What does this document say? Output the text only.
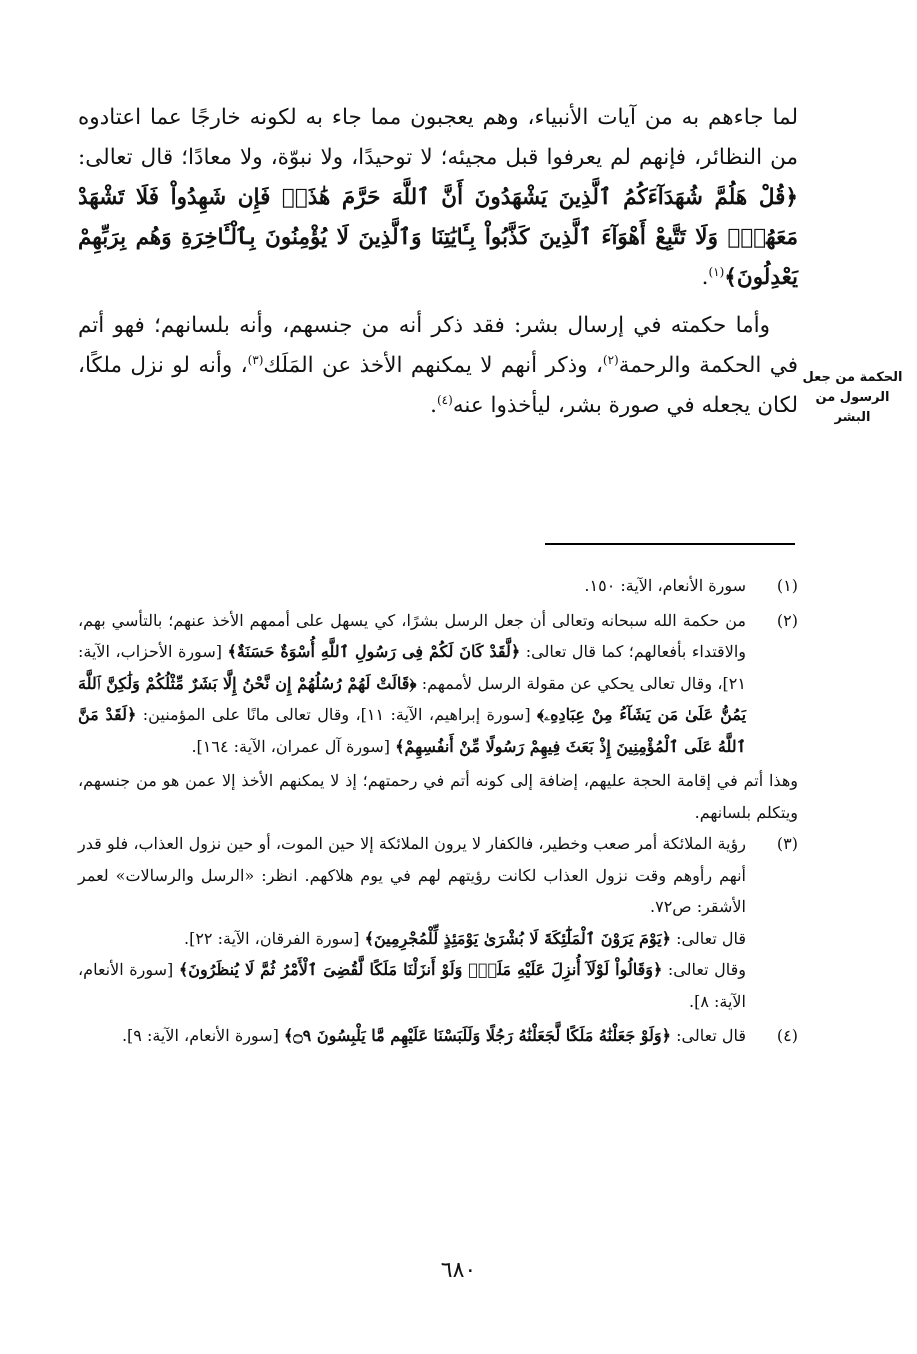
لما جاءهم به من آيات الأنبياء، وهم يعجبون مما جاء به لكونه خارجًا عما اعتادوه من النظائر، فإنهم لم يعرفوا قبل مجيئه؛ لا توحيدًا، ولا نبوّة، ولا معادًا؛ قال تعالى: ﴿قُلْ هَلُمَّ شُهَدَآءَكُمُ ٱلَّذِينَ يَشْهَدُونَ أَنَّ ٱللَّهَ حَرَّمَ هَٰذَاۖ فَإِن شَهِدُواْ فَلَا تَشْهَدْ مَعَهُمْۚ وَلَا تَتَّبِعْ أَهْوَآءَ ٱلَّذِينَ كَذَّبُواْ بِـَٔايَٰتِنَا وَٱلَّذِينَ لَا يُؤْمِنُونَ بِٱلْـَٔاخِرَةِ وَهُم بِرَبِّهِمْ يَعْدِلُونَ﴾$^{(١)}$.

وأما حكمته في إرسال بشر: فقد ذكر أنه من جنسهم، وأنه بلسانهم؛ فهو أتم في الحكمة والرحمة$^{(٢)}$، وذكر أنهم لا يمكنهم الأخذ عن المَلَك$^{(٣)}$، وأنه لو نزل ملكًا، لكان يجعله في صورة بشر، ليأخذوا عنه$^{(٤)}$.

الحكمة من جعل الرسول من البشر
(١)
سورة الأنعام، الآية: ١٥٠.
(٢)
من حكمة الله سبحانه وتعالى أن جعل الرسل بشرًا، كي يسهل على أممهم الأخذ عنهم؛ بالتأسي بهم، والاقتداء بأفعالهم؛ كما قال تعالى: ﴿لَّقَدْ كَانَ لَكُمْ فِى رَسُولِ ٱللَّهِ أُسْوَةٌ حَسَنَةٌ﴾ [سورة الأحزاب، الآية: ٢١]، وقال تعالى يحكي عن مقولة الرسل لأممهم: ﴿قَالَتْ لَهُمْ رُسُلُهُمْ إِن نَّحْنُ إِلَّا بَشَرٌ مِّثْلُكُمْ وَلَٰكِنَّ ٱللَّهَ يَمُنُّ عَلَىٰ مَن يَشَآءُ مِنْ عِبَادِهِۦ﴾ [سورة إبراهيم، الآية: ١١]، وقال تعالى مانًا على المؤمنين: ﴿لَقَدْ مَنَّ ٱللَّهُ عَلَى ٱلْمُؤْمِنِينَ إِذْ بَعَثَ فِيهِمْ رَسُولًا مِّنْ أَنفُسِهِمْ﴾ [سورة آل عمران، الآية: ١٦٤].

وهذا أتم في إقامة الحجة عليهم، إضافة إلى كونه أتم في رحمتهم؛ إذ لا يمكنهم الأخذ إلا عمن هو من جنسهم، ويتكلم بلسانهم.

(٣)

رؤية الملائكة أمر صعب وخطير، فالكفار لا يرون الملائكة إلا حين الموت، أو حين نزول العذاب، فلو قدر أنهم رأوهم وقت نزول العذاب لكانت رؤيتهم لهم في يوم هلاكهم. انظر: «الرسل والرسالات» لعمر الأشقر: ص٧٢.

قال تعالى: ﴿يَوْمَ يَرَوْنَ ٱلْمَلَٰٓئِكَةَ لَا بُشْرَىٰ يَوْمَئِذٍ لِّلْمُجْرِمِينَ﴾ [سورة الفرقان، الآية: ٢٢].

وقال تعالى: ﴿وَقَالُواْ لَوْلَآ أُنزِلَ عَلَيْهِ مَلَكٌۖ وَلَوْ أَنزَلْنَا مَلَكًا لَّقُضِىَ ٱلْأَمْرُ ثُمَّ لَا يُنظَرُونَ﴾ [سورة الأنعام، الآية: ٨].

(٤)
قال تعالى: ﴿وَلَوْ جَعَلْنَٰهُ مَلَكًا لَّجَعَلْنَٰهُ رَجُلًا وَلَلَبَسْنَا عَلَيْهِم مَّا يَلْبِسُونَ ۝٩﴾ [سورة الأنعام، الآية: ٩].
٦٨٠
